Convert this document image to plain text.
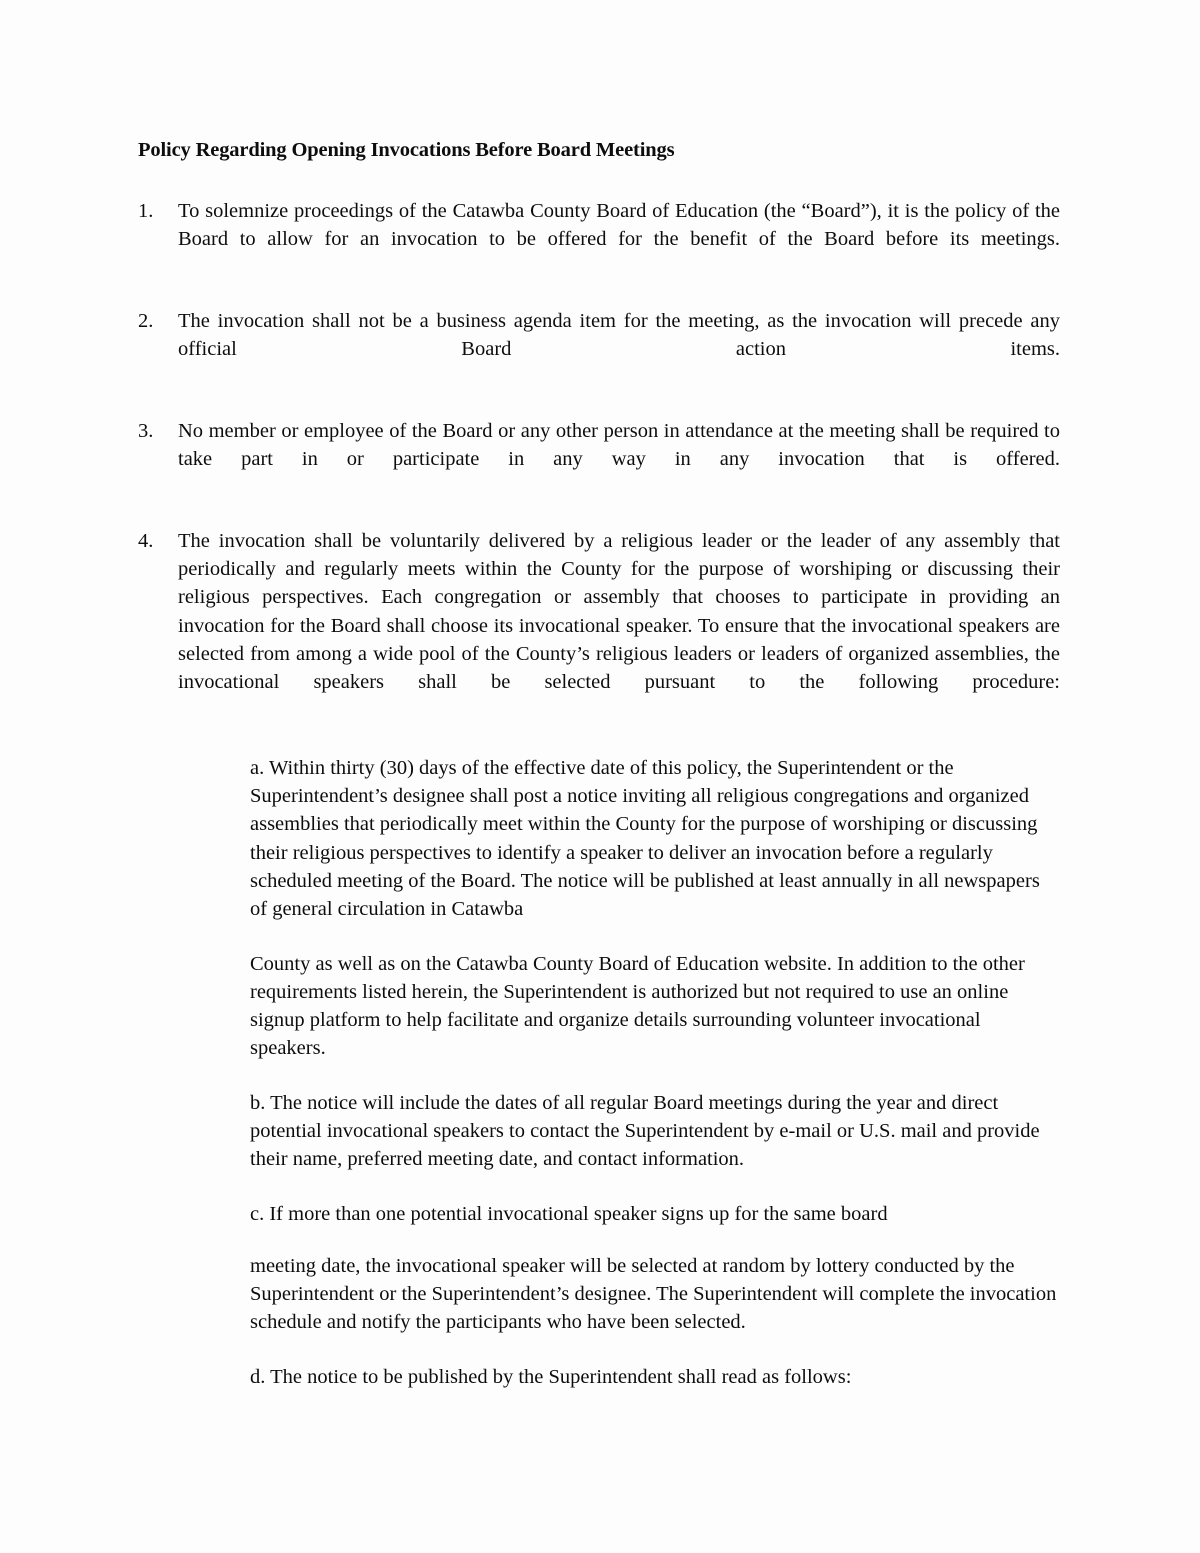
Policy Regarding Opening Invocations Before Board Meetings
1.	To solemnize proceedings of the Catawba County Board of Education (the “Board”), it is the policy of the Board to allow for an invocation to be offered for the benefit of the Board before its meetings.
2.	The invocation shall not be a business agenda item for the meeting, as the invocation will precede any official Board action items.
3.	No member or employee of the Board or any other person in attendance at the meeting shall be required to take part in or participate in any way in any invocation that is offered.
4.	The invocation shall be voluntarily delivered by a religious leader or the leader of any assembly that periodically and regularly meets within the County for the purpose of worshiping or discussing their religious perspectives. Each congregation or assembly that chooses to participate in providing an invocation for the Board shall choose its invocational speaker. To ensure that the invocational speakers are selected from among a wide pool of the County’s religious leaders or leaders of organized assemblies, the invocational speakers shall be selected pursuant to the following procedure:

a. Within thirty (30) days of the effective date of this policy, the Superintendent or the Superintendent’s designee shall post a notice inviting all religious congregations and organized assemblies that periodically meet within the County for the purpose of worshiping or discussing their religious perspectives to identify a speaker to deliver an invocation before a regularly scheduled meeting of the Board. The notice will be published at least annually in all newspapers of general circulation in Catawba

County as well as on the Catawba County Board of Education website. In addition to the other requirements listed herein, the Superintendent is authorized but not required to use an online signup platform to help facilitate and organize details surrounding volunteer invocational speakers.

b. The notice will include the dates of all regular Board meetings during the year and direct potential invocational speakers to contact the Superintendent by e-mail or U.S. mail and provide their name, preferred meeting date, and contact information.

c. If more than one potential invocational speaker signs up for the same board

meeting date, the invocational speaker will be selected at random by lottery conducted by the Superintendent or the Superintendent’s designee. The Superintendent will complete the invocation schedule and notify the participants who have been selected.

d. The notice to be published by the Superintendent shall read as follows:
